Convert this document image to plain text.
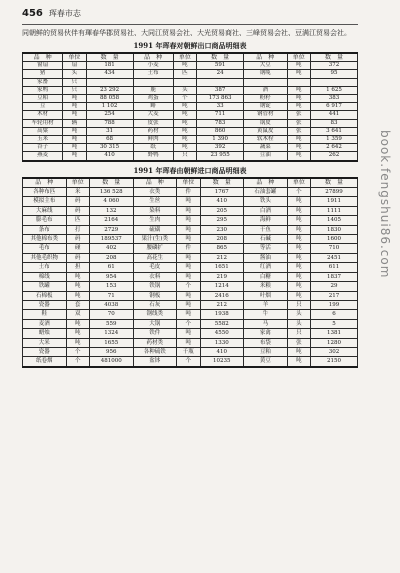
456 珲春市志
同朝鲜的贸易伙伴有琿春华郡贸易社、大同江贸易会社、大光贸易商社、三峰贸易会社、豆满江贸易会社。
1991 年珲春对朝鲜出口商品明细表
品　种	单位	数　量	品　种	单位	数　量	品　种	单位	数　量
窗扇	扇	181	小麦	吨	591	大豆	吨	372
猪	头	434	土布	匹	24	钢缆	吨	95
家畜	只							
家鸭	只	23 292	鹿	头	387	酒	吨	1 625
豆粕	吨	88 058	鸡蛋	个	173 863	粉籽	吨	383
豆	吨	1 102	鲱	吨	33	钢锭	吨	6 917
木材	吨	254	大麦	吨	711	钢管材	张	441
车轮用材	辆	788	皮张	吨	783	锅皮	张	83
高粱	吨	31	药材	吨	860	黄鼠皮	张	3 641
玉米	吨	68	鲜肉	吨	1 390	软木栓	吨	1 359
谷子	吨	30 315	纸	吨	392	蔬菜	吨	2 642
燕麦	吨	410	野鸭	只	23 955	豆油	吨	262
1991 年珲春由朝鲜进口商品明细表
品　种	单位	数　量	品　种	单位	数　量	品　种	单位	数　量
各种布匹	米	136 528	衣类	件	1767	石油套罐	个	27899
模拟主布	码	4 060	生丝	吨	410	铁头	吨	1911
大麻线	码	132	染料	吨	205	白酒	吨	1111
膨毛布	匹	2164	生肉	吨	295	海鲜	吨	1405
条布	打	2729	硫磺	吨	230	干鱼	吨	1830
其他棉布类	码	189537	果汁(生)类	吨	208	石碱	吨	1600
毛布	碰	402	腰磷扩	件	865	等活	吨	710
其他毛织物	码	208	高花生	吨	212	酱油	吨	2451
土布	担	61	毛皮	吨	1651	红酒	吨	611
棉线	吨	954	衣料	吨	219	白糖	吨	1837
铁罐	吨	153	铁锅	个	1214	米粮	吨	29
石棉板	吨	71	钢板	吨	2416	叶烟	吨	217
瓷器	套	4038	石灰	吨	212	羊	只	199
鞋	双	70	钢线类	吨	1938	牛	头	6
麦酒	吨	559	大锅	个	5582	马	头	5
蜡烛	吨	1324	铁件	吨	4550	家禽	只	1381
大米	吨	1655	药材类	吨	1330	布袋	张	1280
瓷器	个	956	各种硫铁	千瓶	410	豆粕	吨	302
纸卷烟	个	481000	盆钵	个	10235	黄豆	吨	2150
book.fengshui86.com
